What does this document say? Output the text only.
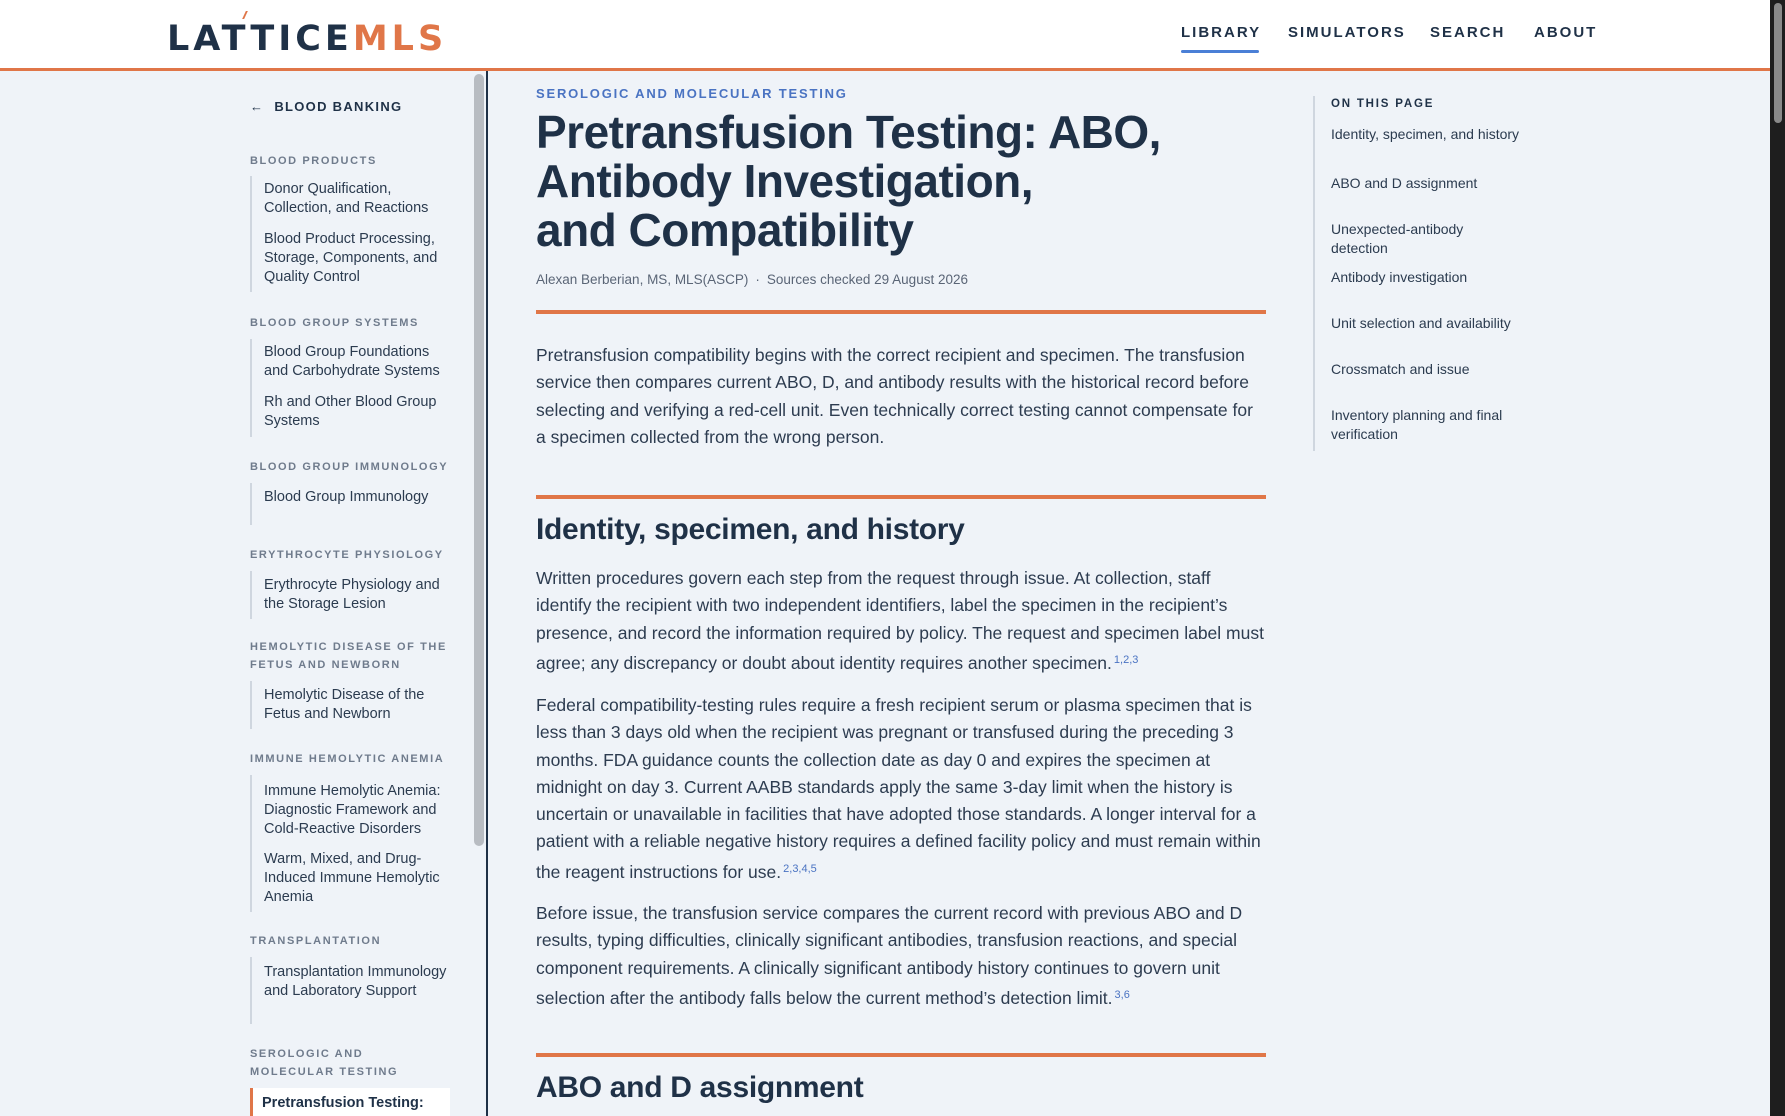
LATTICEMLS	LIBRARY SIMULATORS SEARCH ABOUT
← BLOOD BANKING
BLOOD PRODUCTS
Donor Qualification, Collection, and Reactions
Blood Product Processing, Storage, Components, and Quality Control
BLOOD GROUP SYSTEMS
Blood Group Foundations and Carbohydrate Systems
Rh and Other Blood Group Systems
BLOOD GROUP IMMUNOLOGY
Blood Group Immunology
ERYTHROCYTE PHYSIOLOGY
Erythrocyte Physiology and the Storage Lesion
HEMOLYTIC DISEASE OF THE FETUS AND NEWBORN
Hemolytic Disease of the Fetus and Newborn
IMMUNE HEMOLYTIC ANEMIA
Immune Hemolytic Anemia: Diagnostic Framework and Cold-Reactive Disorders
Warm, Mixed, and Drug-Induced Immune Hemolytic Anemia
TRANSPLANTATION
Transplantation Immunology and Laboratory Support
SEROLOGIC AND MOLECULAR TESTING
Pretransfusion Testing:
SEROLOGIC AND MOLECULAR TESTING
Pretransfusion Testing: ABO,
Antibody Investigation,
and Compatibility
Alexan Berberian, MS, MLS(ASCP) · Sources checked 29 August 2026

Pretransfusion compatibility begins with the correct recipient and specimen. The transfusion service then compares current ABO, D, and antibody results with the historical record before selecting and verifying a red-cell unit. Even technically correct testing cannot compensate for a specimen collected from the wrong person.

Identity, specimen, and history

Written procedures govern each step from the request through issue. At collection, staff identify the recipient with two independent identifiers, label the specimen in the recipient’s presence, and record the information required by policy. The request and specimen label must agree; any discrepancy or doubt about identity requires another specimen. $^{1,2,3}$

Federal compatibility-testing rules require a fresh recipient serum or plasma specimen that is less than 3 days old when the recipient was pregnant or transfused during the preceding 3 months. FDA guidance counts the collection date as day 0 and expires the specimen at midnight on day 3. Current AABB standards apply the same 3-day limit when the history is uncertain or unavailable in facilities that have adopted those standards. A longer interval for a patient with a reliable negative history requires a defined facility policy and must remain within the reagent instructions for use. $^{2,3,4,5}$

Before issue, the transfusion service compares the current record with previous ABO and D results, typing difficulties, clinically significant antibodies, transfusion reactions, and special component requirements. A clinically significant antibody history continues to govern unit selection after the antibody falls below the current method’s detection limit. $^{3,6}$

ABO and D assignment
ON THIS PAGE
Identity, specimen, and history
ABO and D assignment
Unexpected-antibody detection
Antibody investigation
Unit selection and availability
Crossmatch and issue
Inventory planning and final verification
